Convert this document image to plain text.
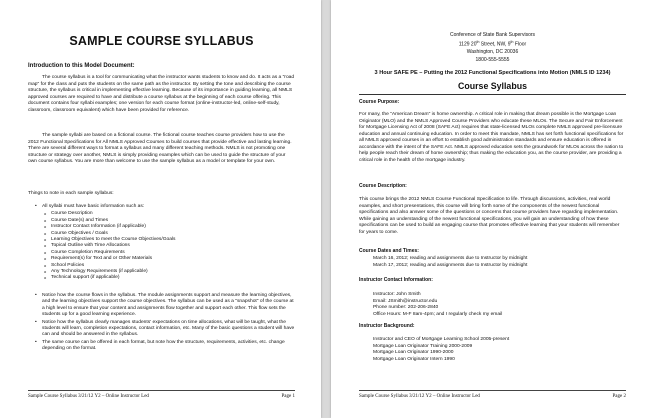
SAMPLE COURSE SYLLABUS
Introduction to this Model Document:
The course syllabus is a tool for communicating what the instructor wants students to know and do. It acts as a "road map" for the class and puts the students on the same path as the instructor. By setting the tone and describing the course structure, the syllabus is critical in implementing effective learning. Because of its importance in guiding learning, all NMLS approved courses are required to have and distribute a course syllabus at the beginning of each course offering. This document contains four syllabi examples; one version for each course format (online-instructor-led, online-self-study, classroom, classroom equivalent) which have been provided for reference.
The sample syllabi are based on a fictional course. The fictional course teaches course providers how to use the 2012 Functional Specifications for All NMLS Approved Courses to build courses that provide effective and lasting learning. There are several different ways to format a syllabus and many different teaching methods. NMLS is not promoting one structure or strategy over another, NMLS is simply providing examples which can be used to guide the structure of your own course syllabus. You are more than welcome to use the sample syllabus as a model or template for your own.
Things to note in each sample syllabus:
• All syllabi must have basic information such as:
o Course Description
o Course Date(s) and Times
o Instructor Contact Information (if applicable)
o Course Objectives / Goals
o Learning Objectives to meet the Course Objectives/Goals
o Topical Outline with Time Allocations
o Course Completion Requirements
o Requirement(s) for Text and or Other Materials
o School Policies
o Any Technology Requirements (if applicable)
o Technical support (if applicable)
• Notice how the course flows in the syllabus. The module assignments support and measure the learning objectives, and the learning objectives support the course objectives. The syllabus can be used as a "snapshot" of the course at a high level to ensure that your content and assignments flow together and support each other. This flow sets the students up for a good learning experience.
• Notice how the syllabus clearly manages students' expectations on time allocations, what will be taught, what the students will learn, completion expectations, contact information, etc. Many of the basic questions a student will have can and should be answered in the syllabus.
• The same course can be offered in each format, but note how the structure, requirements, activities, etc. change depending on the format.
Sample Course Syllabus 3/21/12 Y2 – Online Instructor Led	Page 1
Conference of State Bank Supervisors
1129 20th Street, NW, 9th Floor
Washington, DC 20036
1800-555-5555
3 Hour SAFE PE – Putting the 2012 Functional Specifications into Motion (NMLS ID 1234)
Course Syllabus
Course Purpose:
For many, the "American Dream" is home ownership. A critical role in making that dream possible is the Mortgage Loan Originator (MLO) and the NMLS Approved Course Providers who educate these MLOs. The Secure and Fair Enforcement for Mortgage Licensing Act of 2008 (SAFE Act) requires that state-licensed MLOs complete NMLS approved pre-licensure education and annual continuing education. In order to meet this mandate, NMLS has set forth functional specifications for all NMLS approved courses in an effort to establish good administration standards and ensure education is offered in accordance with the intent of the SAFE Act. NMLS approved education sets the groundwork for MLOs across the nation to help people reach their dream of home ownership; thus making the education you, as the course provider, are providing a critical role in the health of the mortgage industry.
Course Description:
This course brings the 2012 NMLS Course Functional Specification to life. Through discussions, activities, real world examples, and short presentations, this course will bring forth some of the components of the newest functional specifications and also answer some of the questions or concerns that course providers have regarding implementation. While gaining an understanding of the newest functional specifications, you will gain an understanding of how these specifications can be used to build an engaging course that promotes effective learning that your students will remember for years to come.
Course Dates and Times:
March 16, 2012; reading and assignments due to Instructor by midnight
March 17, 2012; reading and assignments due to Instructor by midnight
Instructor Contact Information:
Instructor: John Smith
Email: JSmith@instructor.edu
Phone number: 202-206-2840
Office Hours: M-F 8am-4pm; and I regularly check my email
Instructor Background:
Instructor and CEO of Mortgage Learning School 2005-present
Mortgage Loan Originator Training 2000-2009
Mortgage Loan Originator 1990-2000
Mortgage Loan Originator Intern 1990
Sample Course Syllabus 3/21/12 Y2 – Online Instructor Led	Page 2
